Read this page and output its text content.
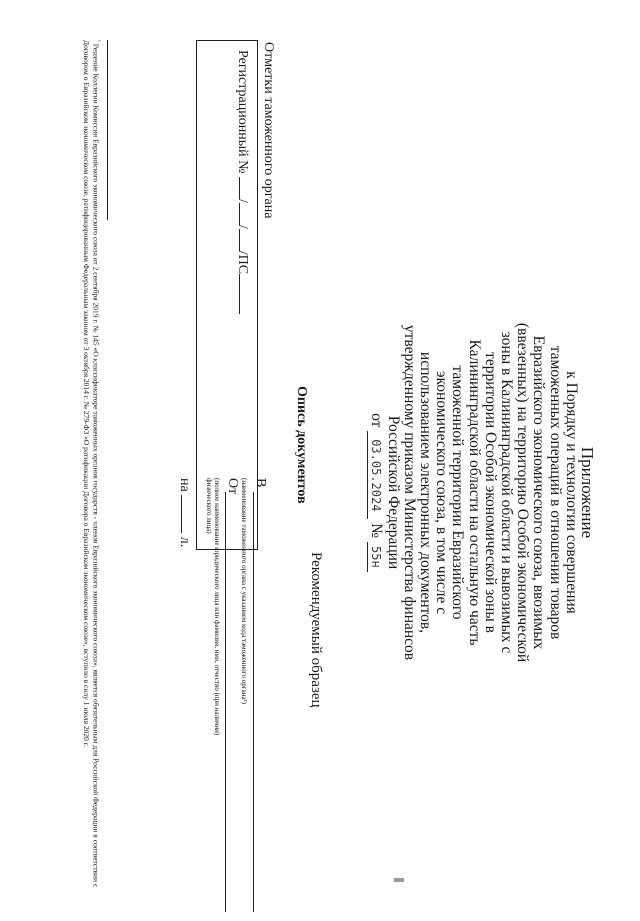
Приложение
к Порядку и технологии совершения
таможенных операций в отношении товаров
Евразийского экономического союза, ввозимых
(ввезенных) на территорию Особой экономической
зоны в Калининградской области и вывозимых с
территории Особой экономической зоны в
Калининградской области на остальную часть
таможенной территории Евразийского
экономического союза, в том числе с
использованием электронных документов,
утвержденному приказом Министерства финансов
Российской Федерации
от 03.05.2024 № 55н
Рекомендуемый образец
Опись документов
В
(наименование таможенного органа с указанием кода таможенного органа¹)
От
(полное наименование юридического лица или фамилия, имя, отчество (при наличии)
физического лица)
на  л.
Отметки таможенного органа
Регистрационный № ///ПС
$^{^1}$ Решение Коллегии Комиссии Евразийского экономического союза от 2 сентября 2019 г. № 145 «О классификаторе таможенных органов государств - членов Евразийского экономического союза», является обязательным для Российской Федерации в соответствии с Договором о Евразийском экономическом союзе, ратифицированным Федеральным законом от 3 октября 2014 г. № 279-ФЗ «О ратификации Договора о Евразийском экономическом союзе», вступило в силу 1 июля 2020 г.
